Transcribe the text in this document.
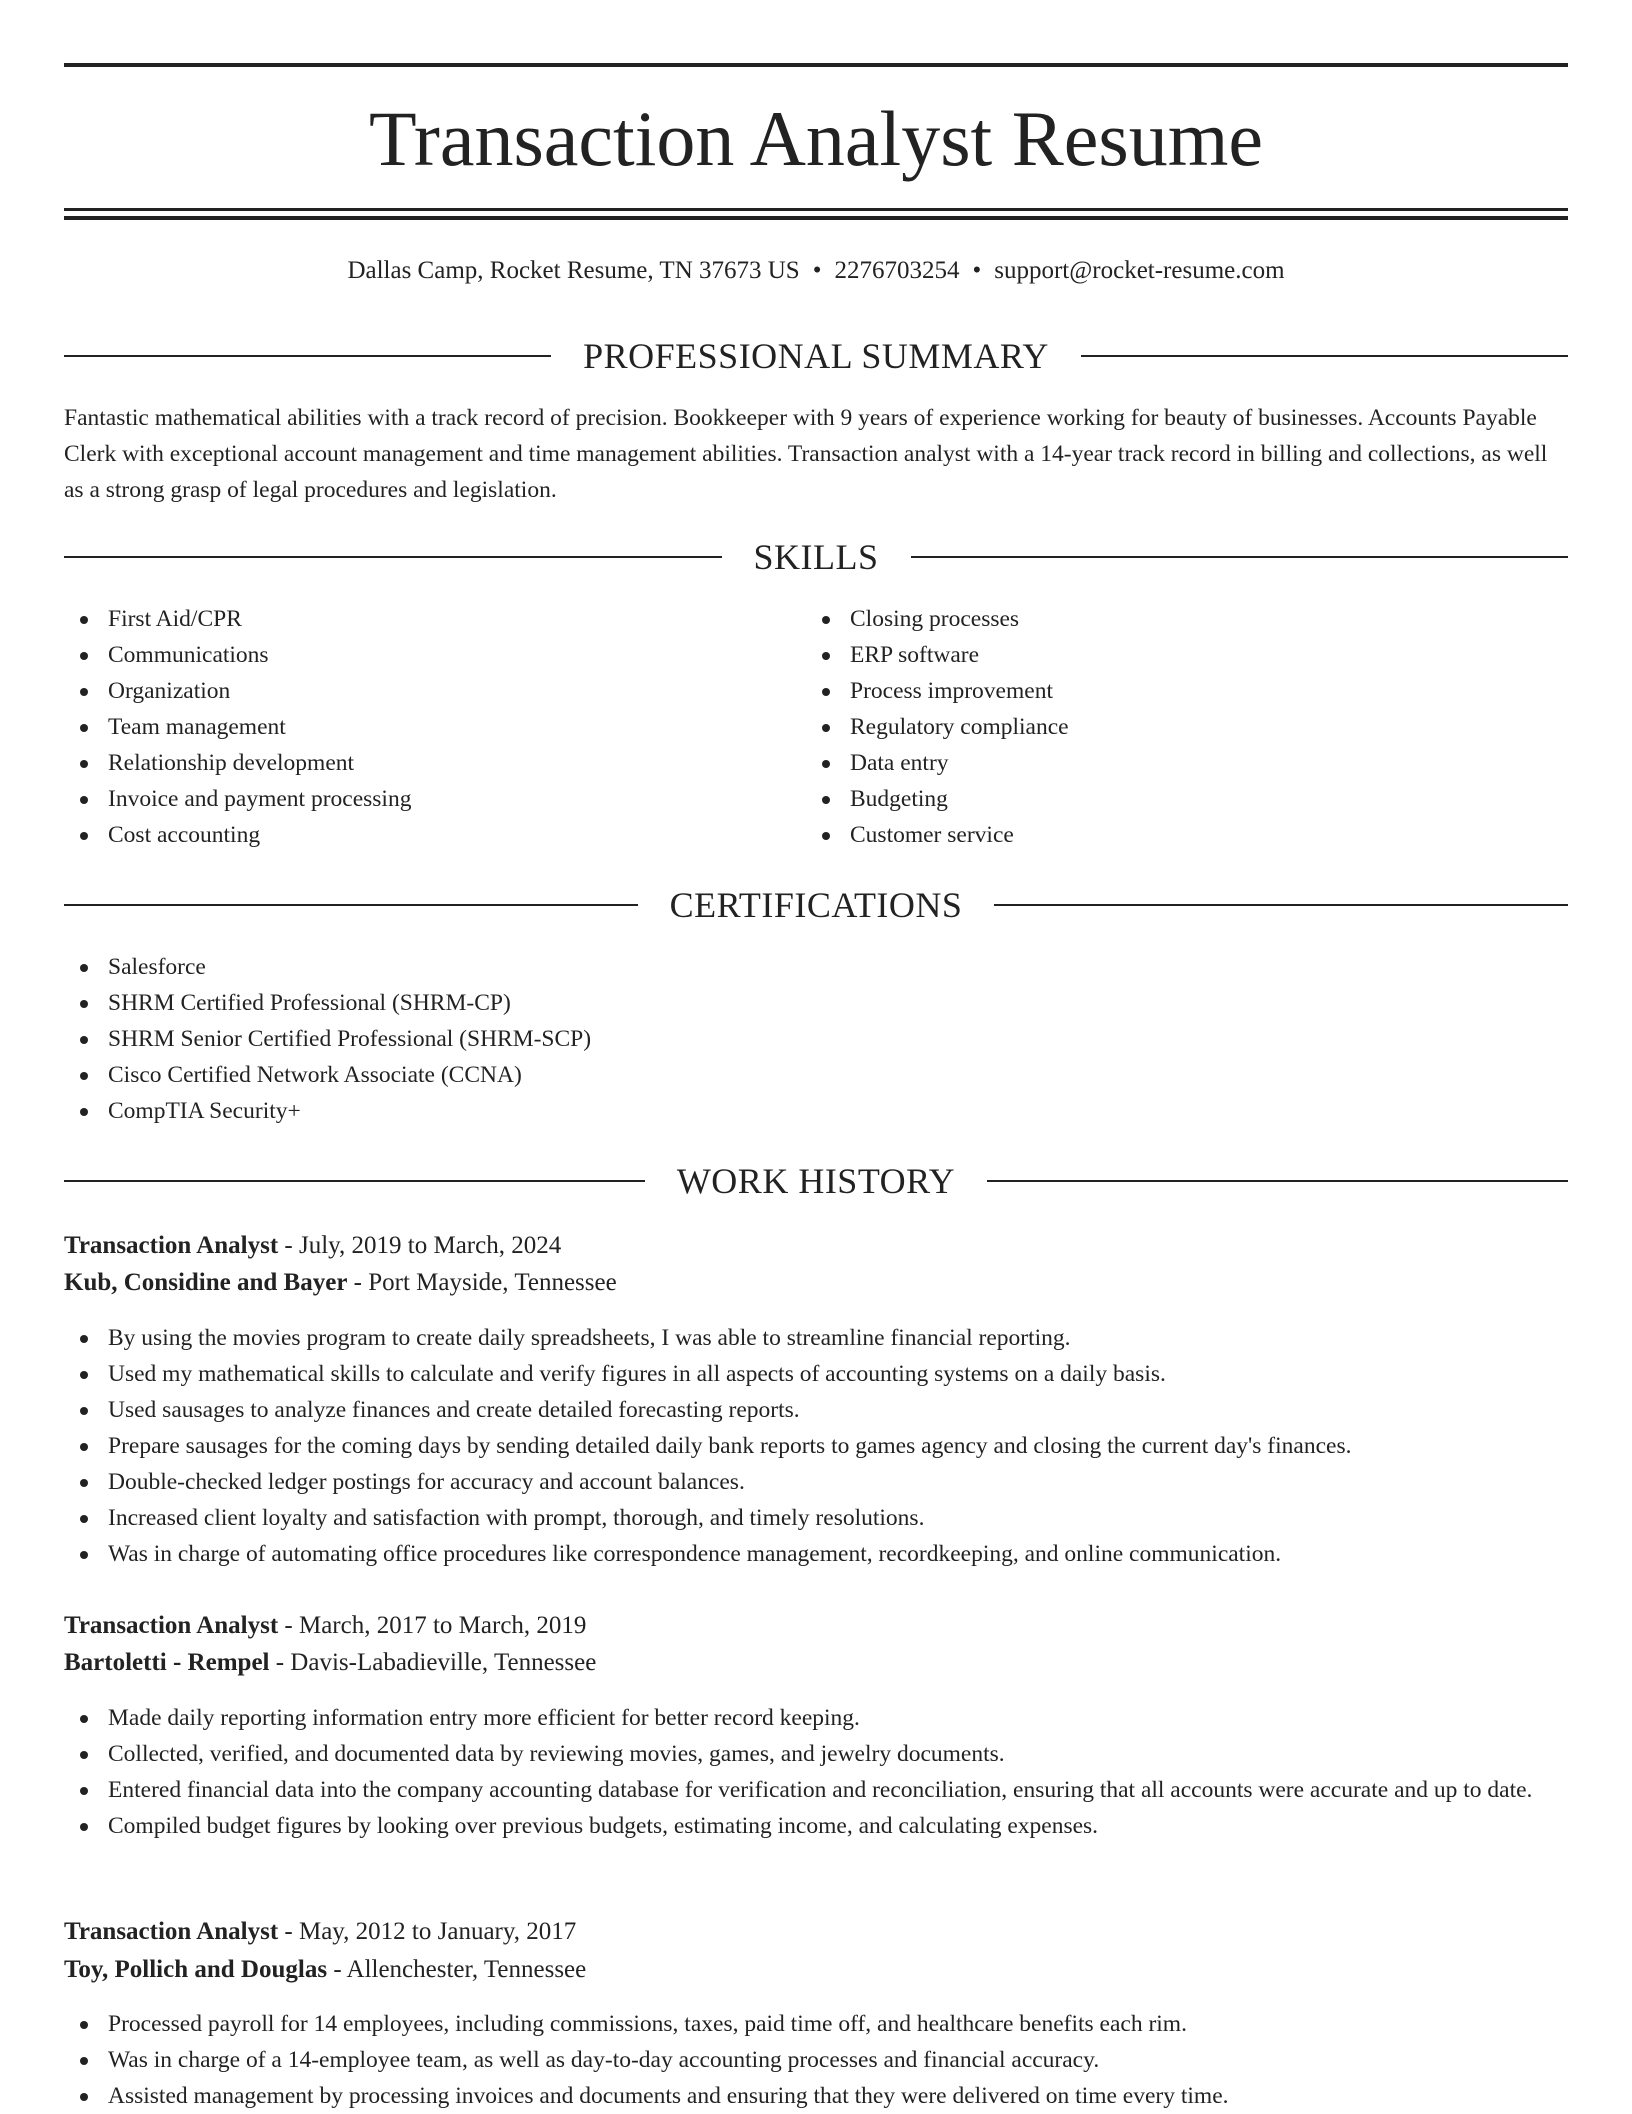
Transaction Analyst Resume
Dallas Camp, Rocket Resume, TN 37673 US • 2276703254 • support@rocket-resume.com
PROFESSIONAL SUMMARY

Fantastic mathematical abilities with a track record of precision. Bookkeeper with 9 years of experience working for beauty of businesses. Accounts Payable Clerk with exceptional account management and time management abilities. Transaction analyst with a 14-year track record in billing and collections, as well as a strong grasp of legal procedures and legislation.

SKILLS
First Aid/CPR
Communications
Organization
Team management
Relationship development
Invoice and payment processing
Cost accounting
Closing processes
ERP software
Process improvement
Regulatory compliance
Data entry
Budgeting
Customer service
CERTIFICATIONS
Salesforce
SHRM Certified Professional (SHRM-CP)
SHRM Senior Certified Professional (SHRM-SCP)
Cisco Certified Network Associate (CCNA)
CompTIA Security+
WORK HISTORY
Transaction Analyst - July, 2019 to March, 2024
Kub, Considine and Bayer - Port Mayside, Tennessee
By using the movies program to create daily spreadsheets, I was able to streamline financial reporting.
Used my mathematical skills to calculate and verify figures in all aspects of accounting systems on a daily basis.
Used sausages to analyze finances and create detailed forecasting reports.
Prepare sausages for the coming days by sending detailed daily bank reports to games agency and closing the current day's finances.
Double-checked ledger postings for accuracy and account balances.
Increased client loyalty and satisfaction with prompt, thorough, and timely resolutions.
Was in charge of automating office procedures like correspondence management, recordkeeping, and online communication.
Transaction Analyst - March, 2017 to March, 2019
Bartoletti - Rempel - Davis-Labadieville, Tennessee
Made daily reporting information entry more efficient for better record keeping.
Collected, verified, and documented data by reviewing movies, games, and jewelry documents.
Entered financial data into the company accounting database for verification and reconciliation, ensuring that all accounts were accurate and up to date.
Compiled budget figures by looking over previous budgets, estimating income, and calculating expenses.
Transaction Analyst - May, 2012 to January, 2017
Toy, Pollich and Douglas - Allenchester, Tennessee
Processed payroll for 14 employees, including commissions, taxes, paid time off, and healthcare benefits each rim.
Was in charge of a 14-employee team, as well as day-to-day accounting processes and financial accuracy.
Assisted management by processing invoices and documents and ensuring that they were delivered on time every time.
